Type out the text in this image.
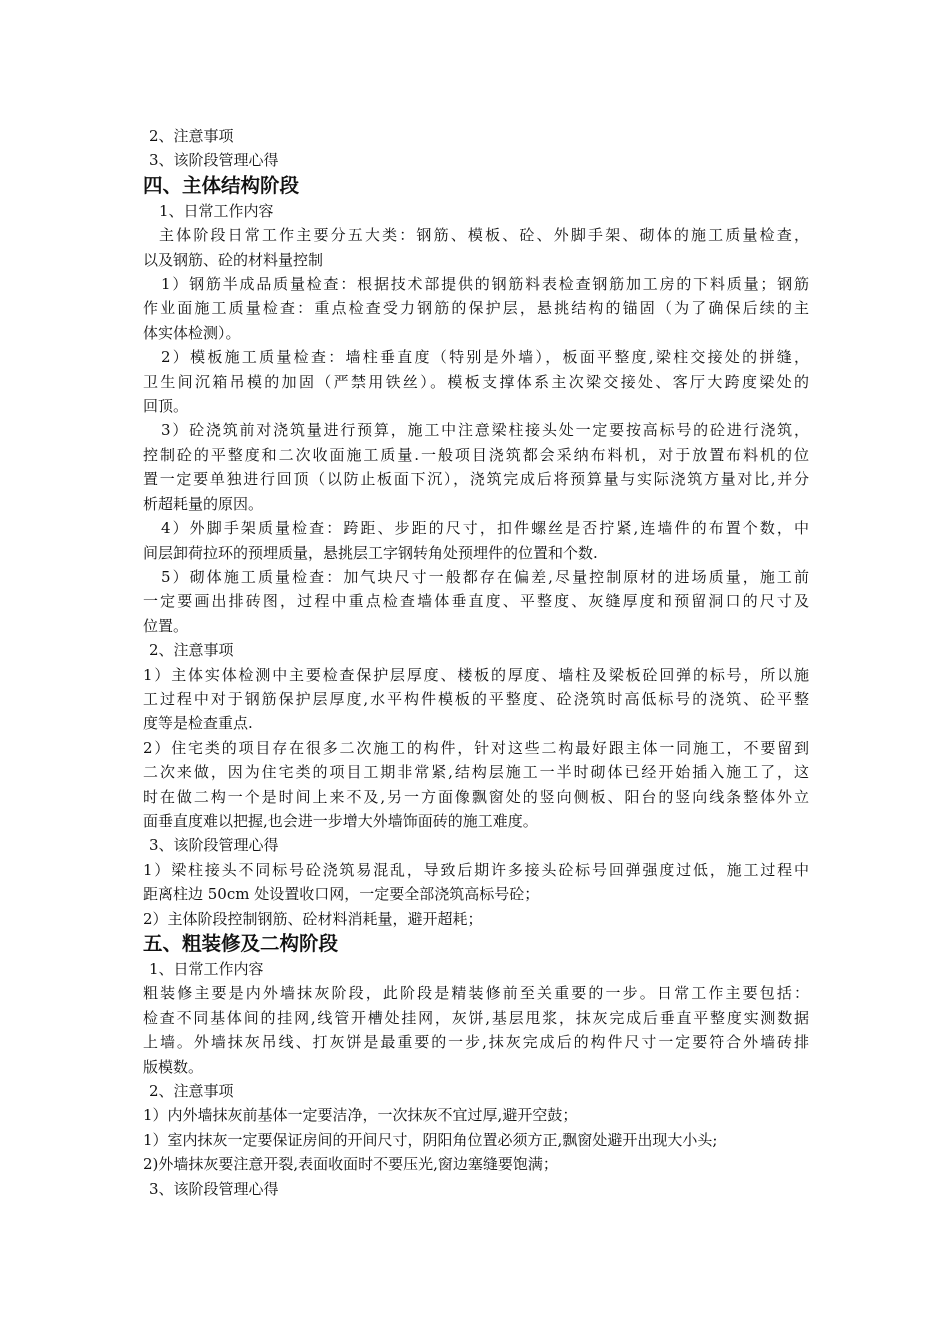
2、注意事项
3、该阶段管理心得
四、主体结构阶段
1、日常工作内容
主体阶段日常工作主要分五大类：钢筋、模板、砼、外脚手架、砌体的施工质量检查，
以及钢筋、砼的材料量控制
1）钢筋半成品质量检查：根据技术部提供的钢筋料表检查钢筋加工房的下料质量；钢筋
作业面施工质量检查：重点检查受力钢筋的保护层，悬挑结构的锚固（为了确保后续的主
体实体检测）。
2）模板施工质量检查：墙柱垂直度（特别是外墙），板面平整度,梁柱交接处的拼缝，
卫生间沉箱吊模的加固（严禁用铁丝）。模板支撑体系主次梁交接处、客厅大跨度梁处的
回顶。
3）砼浇筑前对浇筑量进行预算，施工中注意梁柱接头处一定要按高标号的砼进行浇筑，
控制砼的平整度和二次收面施工质量.一般项目浇筑都会采纳布料机，对于放置布料机的位
置一定要单独进行回顶（以防止板面下沉），浇筑完成后将预算量与实际浇筑方量对比,并分
析超耗量的原因。
4）外脚手架质量检查：跨距、步距的尺寸，扣件螺丝是否拧紧,连墙件的布置个数，中
间层卸荷拉环的预埋质量，悬挑层工字钢转角处预埋件的位置和个数.
5）砌体施工质量检查：加气块尺寸一般都存在偏差,尽量控制原材的进场质量，施工前
一定要画出排砖图，过程中重点检查墙体垂直度、平整度、灰缝厚度和预留洞口的尺寸及
位置。
2、注意事项
1）主体实体检测中主要检查保护层厚度、楼板的厚度、墙柱及梁板砼回弹的标号，所以施
工过程中对于钢筋保护层厚度,水平构件模板的平整度、砼浇筑时高低标号的浇筑、砼平整
度等是检查重点.
2）住宅类的项目存在很多二次施工的构件，针对这些二构最好跟主体一同施工，不要留到
二次来做，因为住宅类的项目工期非常紧,结构层施工一半时砌体已经开始插入施工了，这
时在做二构一个是时间上来不及,另一方面像飘窗处的竖向侧板、阳台的竖向线条整体外立
面垂直度难以把握,也会进一步增大外墙饰面砖的施工难度。
3、该阶段管理心得
1）梁柱接头不同标号砼浇筑易混乱，导致后期许多接头砼标号回弹强度过低，施工过程中
距离柱边 50cm 处设置收口网，一定要全部浇筑高标号砼；
2）主体阶段控制钢筋、砼材料消耗量，避开超耗；
五、粗装修及二构阶段
1、日常工作内容
粗装修主要是内外墙抹灰阶段，此阶段是精装修前至关重要的一步。日常工作主要包括：
检查不同基体间的挂网,线管开槽处挂网，灰饼,基层甩浆，抹灰完成后垂直平整度实测数据
上墙。外墙抹灰吊线、打灰饼是最重要的一步,抹灰完成后的构件尺寸一定要符合外墙砖排
版模数。
2、注意事项
1）内外墙抹灰前基体一定要洁净，一次抹灰不宜过厚,避开空鼓；
1）室内抹灰一定要保证房间的开间尺寸，阴阳角位置必须方正,飘窗处避开出现大小头;
2)外墙抹灰要注意开裂,表面收面时不要压光,窗边塞缝要饱满；
3、该阶段管理心得
